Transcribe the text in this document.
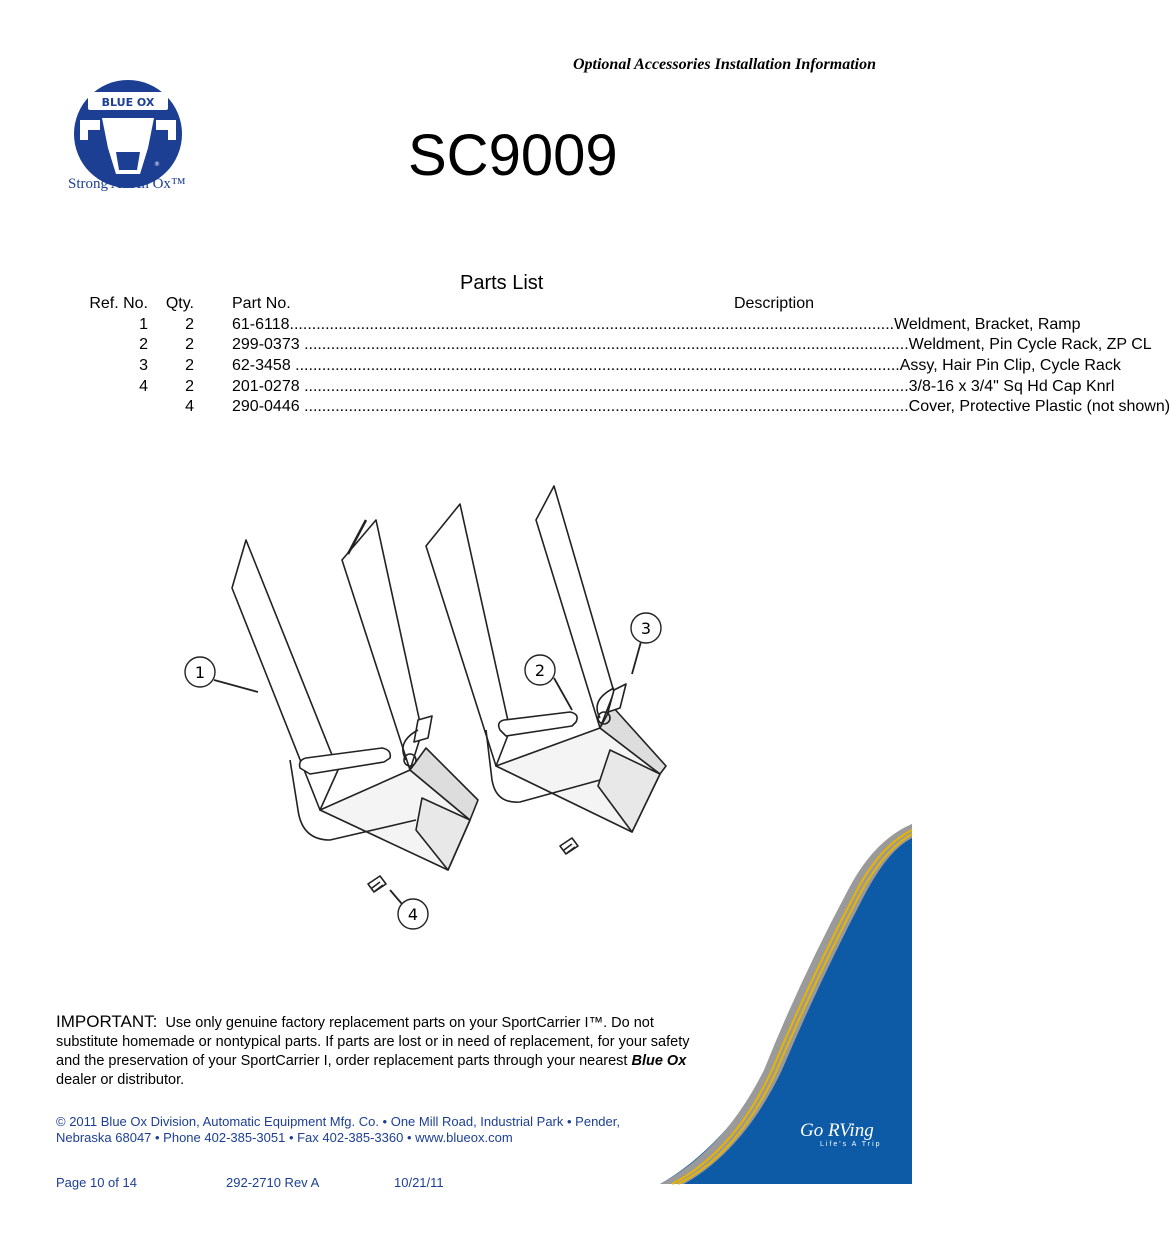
Optional Accessories Installation Information
BLUE OX
®
Strong As An Ox™	SC9009
Parts List
Ref. No.	Qty.		Part No. Description

1	2		61-6118 ........................................................................................................................................ Weldment, Bracket, Ramp

2	2		299-0373 ........................................................................................................................................ Weldment, Pin Cycle Rack, ZP CL

3	2		62-3458 ........................................................................................................................................ Assy, Hair Pin Clip, Cycle Rack

4	2		201-0278 ........................................................................................................................................ 3/8-16 x 3/4" Sq Hd Cap Knrl

	4		290-0446 ........................................................................................................................................ Cover, Protective Plastic (not shown)
1	2
3
4
IMPORTANT: Use only genuine factory replacement parts on your SportCarrier I™. Do not substitute homemade or nontypical parts. If parts are lost or in need of replacement, for your safety and the preservation of your SportCarrier I, order replacement parts through your nearest Blue Ox dealer or distributor.
© 2011 Blue Ox Division, Automatic Equipment Mfg. Co. • One Mill Road, Industrial Park • Pender,
Nebraska 68047 • Phone 402-385-3051 • Fax 402-385-3360 • www.blueox.com
Page 10 of 14	292-2710 Rev A	10/21/11
Go RVing
Life's A Trip
